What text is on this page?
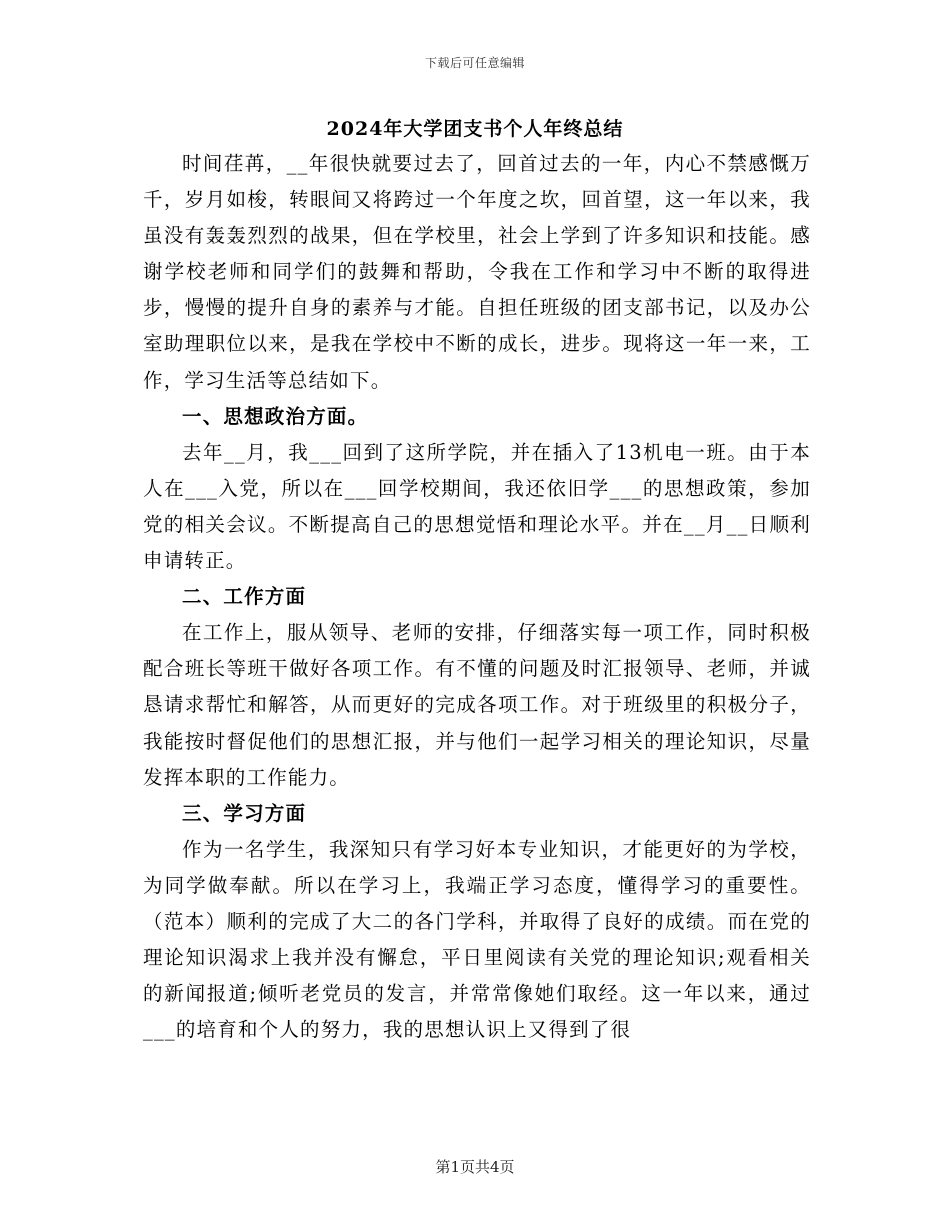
下载后可任意编辑
2024年大学团支书个人年终总结

时间荏苒，__年很快就要过去了，回首过去的一年，内心不禁感慨万千，岁月如梭，转眼间又将跨过一个年度之坎，回首望，这一年以来，我虽没有轰轰烈烈的战果，但在学校里，社会上学到了许多知识和技能。感谢学校老师和同学们的鼓舞和帮助，令我在工作和学习中不断的取得进步，慢慢的提升自身的素养与才能。自担任班级的团支部书记，以及办公室助理职位以来，是我在学校中不断的成长，进步。现将这一年一来，工作，学习生活等总结如下。

一、思想政治方面。

去年__月，我___回到了这所学院，并在插入了13机电一班。由于本人在___入党，所以在___回学校期间，我还依旧学___的思想政策，参加党的相关会议。不断提高自己的思想觉悟和理论水平。并在__月__日顺利申请转正。

二、工作方面

在工作上，服从领导、老师的安排，仔细落实每一项工作，同时积极配合班长等班干做好各项工作。有不懂的问题及时汇报领导、老师，并诚恳请求帮忙和解答，从而更好的完成各项工作。对于班级里的积极分子，我能按时督促他们的思想汇报，并与他们一起学习相关的理论知识，尽量发挥本职的工作能力。

三、学习方面

作为一名学生，我深知只有学习好本专业知识，才能更好的为学校，为同学做奉献。所以在学习上，我端正学习态度，懂得学习的重要性。（范本）顺利的完成了大二的各门学科，并取得了良好的成绩。而在党的理论知识渴求上我并没有懈怠，平日里阅读有关党的理论知识;观看相关的新闻报道;倾听老党员的发言，并常常像她们取经。这一年以来，通过___的培育和个人的努力，我的思想认识上又得到了很

第1页共4页
